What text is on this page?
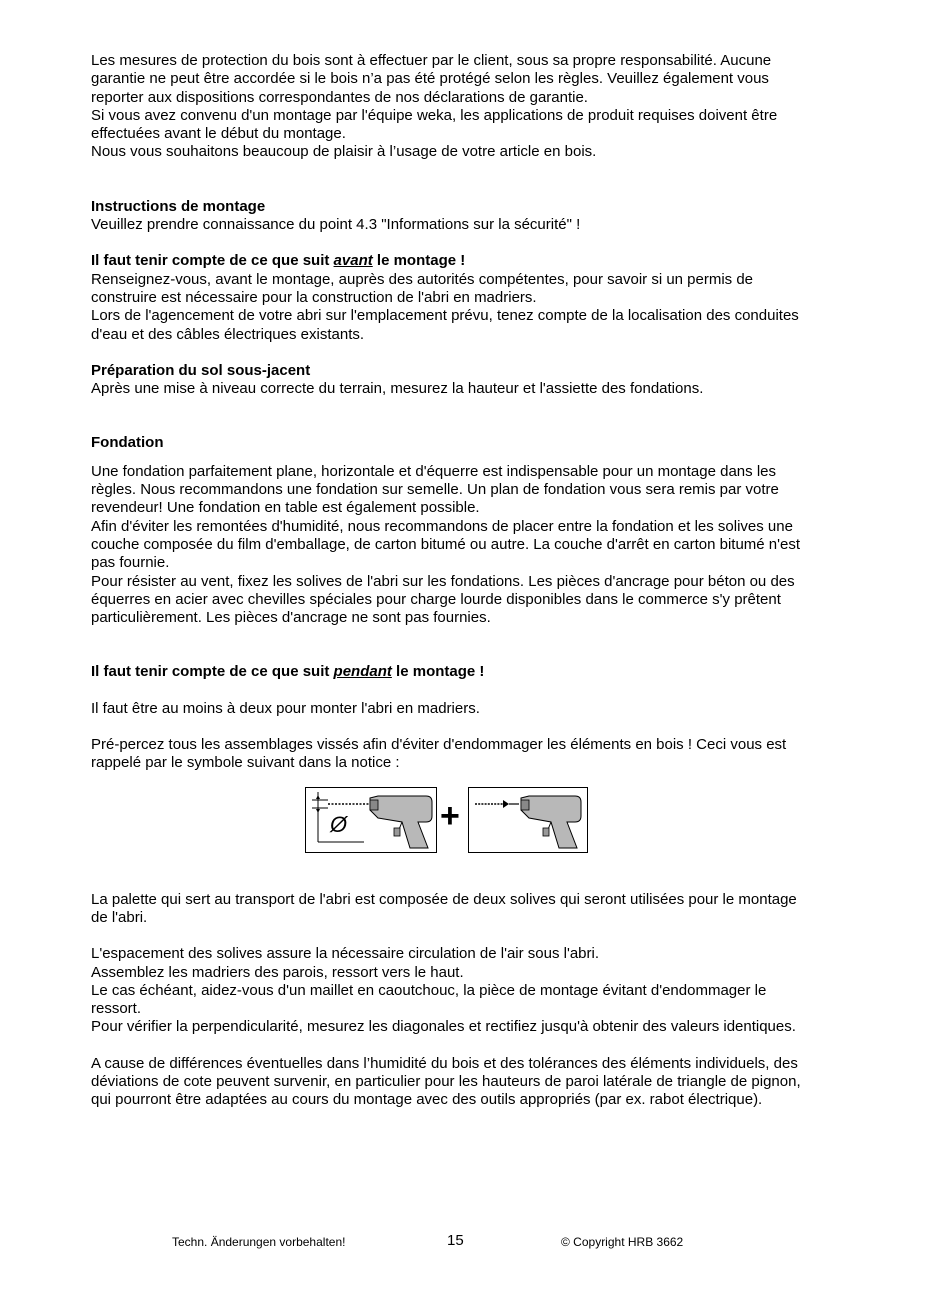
Les mesures de protection du bois sont à effectuer par le client, sous sa propre responsabilité. Aucune

garantie ne peut être accordée si le bois n’a pas été protégé selon les règles. Veuillez également vous

reporter aux dispositions correspondantes de nos déclarations de garantie.

Si vous avez convenu d'un montage par l'équipe weka, les applications de produit requises doivent être

effectuées avant le début du montage.

Nous vous souhaitons beaucoup de plaisir à l’usage de votre article en bois.

Instructions de montage

Veuillez prendre connaissance du point 4.3 "Informations sur la sécurité" !

Il faut tenir compte de ce que suit avant le montage !

Renseignez-vous, avant le montage, auprès des autorités compétentes, pour savoir si un permis de

construire est nécessaire pour la construction de l'abri en madriers.

Lors de l'agencement de votre abri sur l'emplacement prévu, tenez compte de la localisation des conduites

d'eau et des câbles électriques existants.

Préparation du sol sous-jacent

Après une mise à niveau correcte du terrain, mesurez la hauteur et l'assiette des fondations.

Fondation

Une fondation parfaitement plane, horizontale et d'équerre est indispensable pour un montage dans les

règles. Nous recommandons une fondation sur semelle. Un plan de fondation vous sera remis par votre

revendeur! Une fondation en table est également possible.

Afin d'éviter les remontées d'humidité, nous recommandons de placer entre la fondation et les solives une

couche composée du film d'emballage, de carton bitumé ou autre. La couche d'arrêt en carton bitumé n'est

pas fournie.

Pour résister au vent, fixez les solives de l'abri sur les fondations. Les pièces d'ancrage pour béton ou des

équerres en acier avec chevilles spéciales pour charge lourde disponibles dans le commerce s'y prêtent

particulièrement. Les pièces d'ancrage ne sont pas fournies.

Il faut tenir compte de ce que suit pendant le montage !

Il faut être au moins à deux pour monter l'abri en madriers.

Pré-percez tous les assemblages vissés afin d'éviter d'endommager les éléments en bois ! Ceci vous est

rappelé par le symbole suivant dans la notice :

Ø	+

La palette qui sert au transport de l'abri est composée de deux solives qui seront utilisées pour le montage

de l'abri.

L'espacement des solives assure la nécessaire circulation de l'air sous l'abri.

Assemblez les madriers des parois, ressort vers le haut.

Le cas échéant, aidez-vous d'un maillet en caoutchouc, la pièce de montage évitant d'endommager le

ressort.

Pour vérifier la perpendicularité, mesurez les diagonales et rectifiez jusqu'à obtenir des valeurs identiques.

A cause de différences éventuelles dans l’humidité du bois et des tolérances des éléments individuels, des

déviations de cote peuvent survenir, en particulier pour les hauteurs de paroi latérale de triangle de pignon,

qui pourront être adaptées au cours du montage avec des outils appropriés (par ex. rabot électrique).

Techn. Änderungen vorbehalten!	15	© Copyright HRB 3662
